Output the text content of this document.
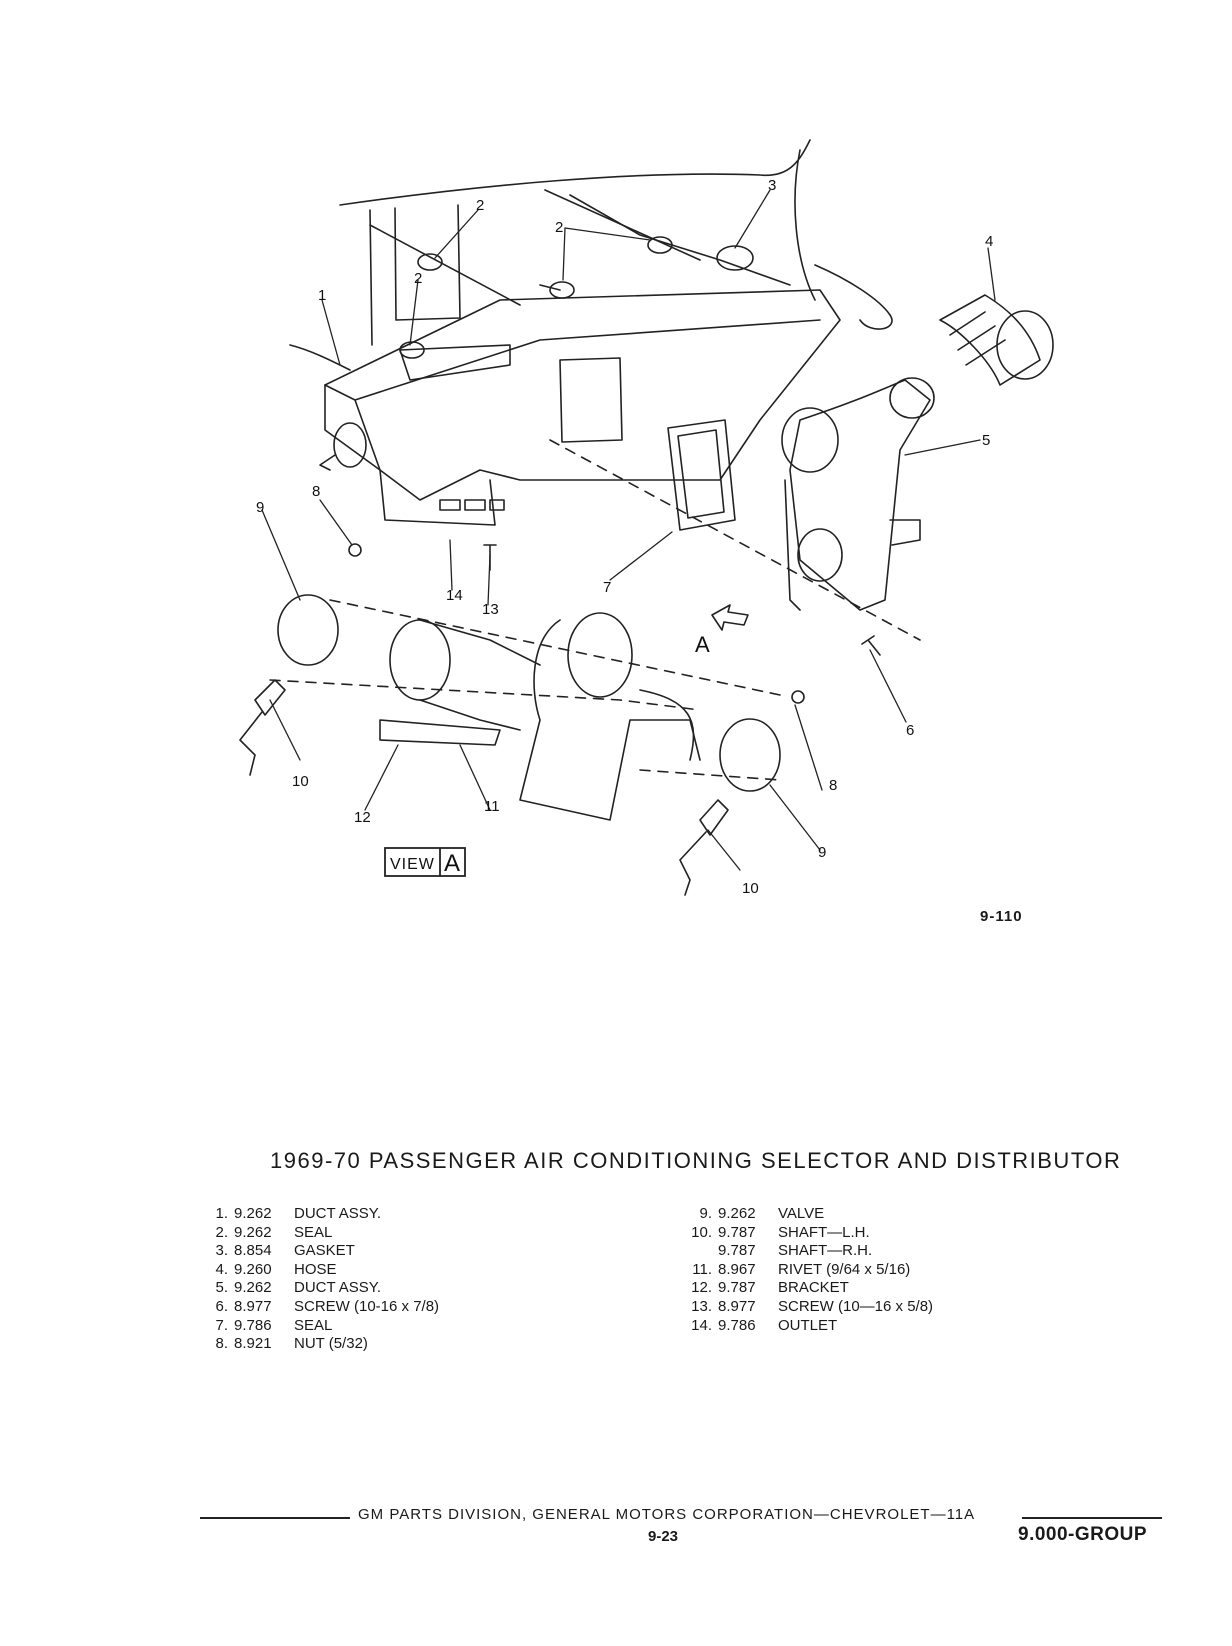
1
2
2
2
3
4
5
6
7
8
8
9
9
10
10
11
12
13
14
A
VIEW A
9-110
1969-70 PASSENGER AIR CONDITIONING SELECTOR AND DISTRIBUTOR
1. 9.262	DUCT ASSY.
2. 9.262	SEAL
3. 8.854	GASKET
4. 9.260	HOSE
5. 9.262	DUCT ASSY.
6. 8.977	SCREW (10-16 x 7/8)
7. 9.786	SEAL
8. 8.921	NUT (5/32)
9. 9.262	VALVE
10. 9.787	SHAFT—L.H.
9.787	SHAFT—R.H.
11. 8.967	RIVET (9/64 x 5/16)
12. 9.787	BRACKET
13. 8.977	SCREW (10—16 x 5/8)
14. 9.786	OUTLET
GM PARTS DIVISION, GENERAL MOTORS CORPORATION—CHEVROLET—11A
9-23	9.000-GROUP
